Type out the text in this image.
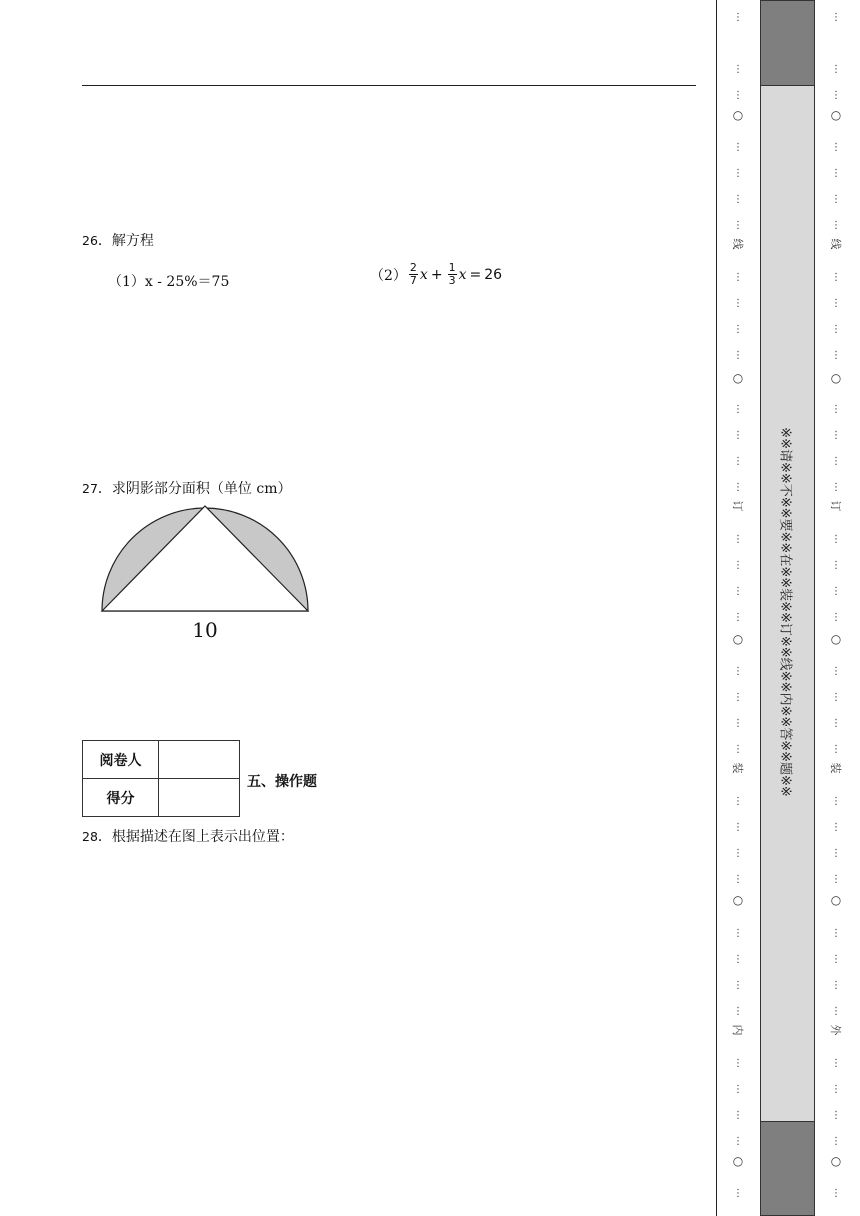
26．解方程
（1）x - 25%＝75	$(2) \frac{2}{7}$ $x + \frac{1}{3}$ x = 26
27．求阴影部分面积（单位 cm）
10
阅卷人	
得分	
五、操作题
28．根据描述在图上表示出位置：
⋮
⋮
⋮
⋮
⋮
⋮
⋮
⋮
⋮
⋮
⋮
⋮
⋮
⋮
⋮
⋮
⋮
⋮
⋮
⋮
⋮
⋮
⋮
⋮
⋮
⋮
⋮
⋮
⋮
⋮
⋮
⋮
⋮
⋮
⋮
⋮
○
○
○
○
○
线
订
装
内
※※请※※不※※要※※在※※装※※订※※线※※内※※答※※题※※
⋮
⋮
⋮
⋮
⋮
⋮
⋮
⋮
⋮
⋮
⋮
⋮
⋮
⋮
⋮
⋮
⋮
⋮
⋮
⋮
⋮
⋮
⋮
⋮
⋮
⋮
⋮
⋮
⋮
⋮
⋮
⋮
⋮
⋮
⋮
⋮
○
○
○
○
○
线
订
装
外
